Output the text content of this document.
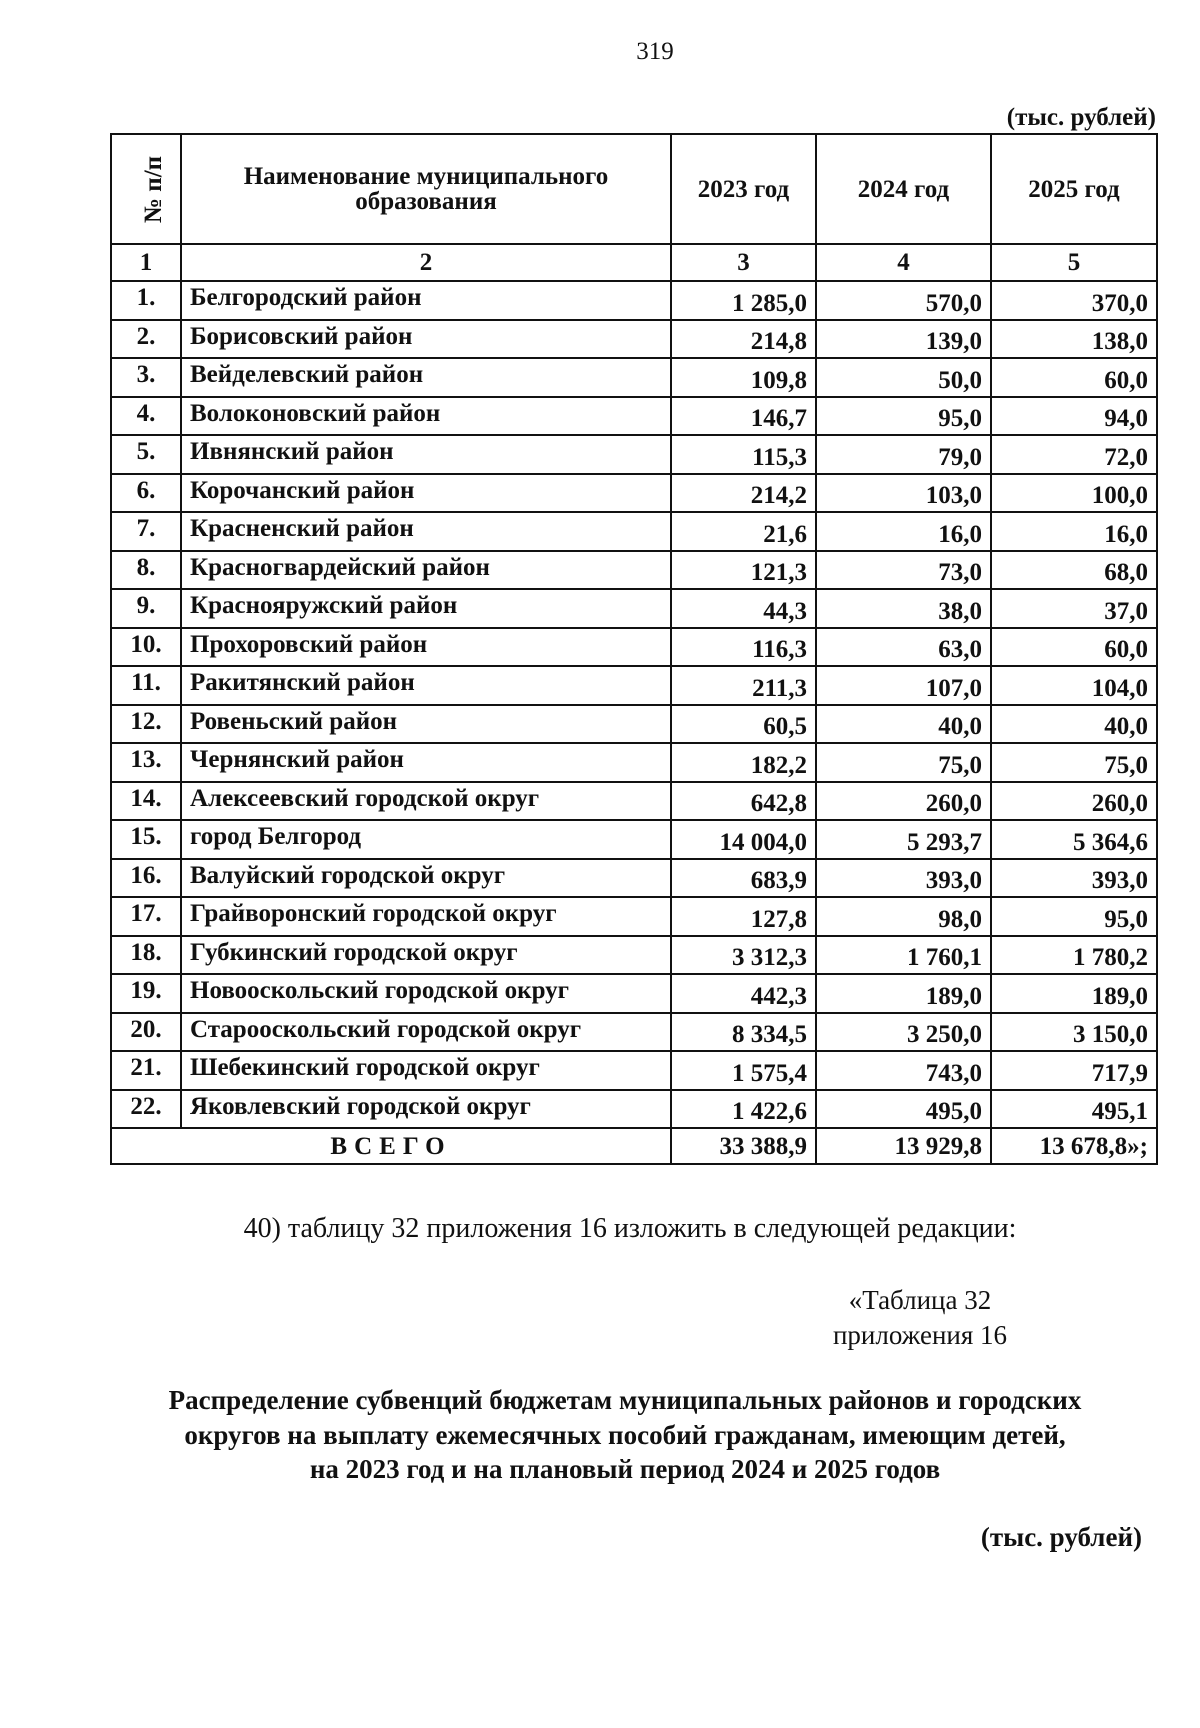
319
(тыс. рублей)
№ п/п	Наименование муниципального образования	2023 год	2024 год	2025 год
1	2	3	4	5
1.	Белгородский район	1 285,0	570,0	370,0
2.	Борисовский район	214,8	139,0	138,0
3.	Вейделевский район	109,8	50,0	60,0
4.	Волоконовский район	146,7	95,0	94,0
5.	Ивнянский район	115,3	79,0	72,0
6.	Корочанский район	214,2	103,0	100,0
7.	Красненский район	21,6	16,0	16,0
8.	Красногвардейский район	121,3	73,0	68,0
9.	Краснояружский район	44,3	38,0	37,0
10.	Прохоровский район	116,3	63,0	60,0
11.	Ракитянский район	211,3	107,0	104,0
12.	Ровеньский район	60,5	40,0	40,0
13.	Чернянский район	182,2	75,0	75,0
14.	Алексеевский городской округ	642,8	260,0	260,0
15.	город Белгород	14 004,0	5 293,7	5 364,6
16.	Валуйский городской округ	683,9	393,0	393,0
17.	Грайворонский городской округ	127,8	98,0	95,0
18.	Губкинский городской округ	3 312,3	1 760,1	1 780,2
19.	Новооскольский городской округ	442,3	189,0	189,0
20.	Старооскольский городской округ	8 334,5	3 250,0	3 150,0
21.	Шебекинский городской округ	1 575,4	743,0	717,9
22.	Яковлевский городской округ	1 422,6	495,0	495,1
ВСЕГО		33 388,9	13 929,8	13 678,8»;
40) таблицу 32 приложения 16 изложить в следующей редакции:
«Таблица 32
приложения 16
Распределение субвенций бюджетам муниципальных районов и городских
округов на выплату ежемесячных пособий гражданам, имеющим детей,
на 2023 год и на плановый период 2024 и 2025 годов
(тыс. рублей)
